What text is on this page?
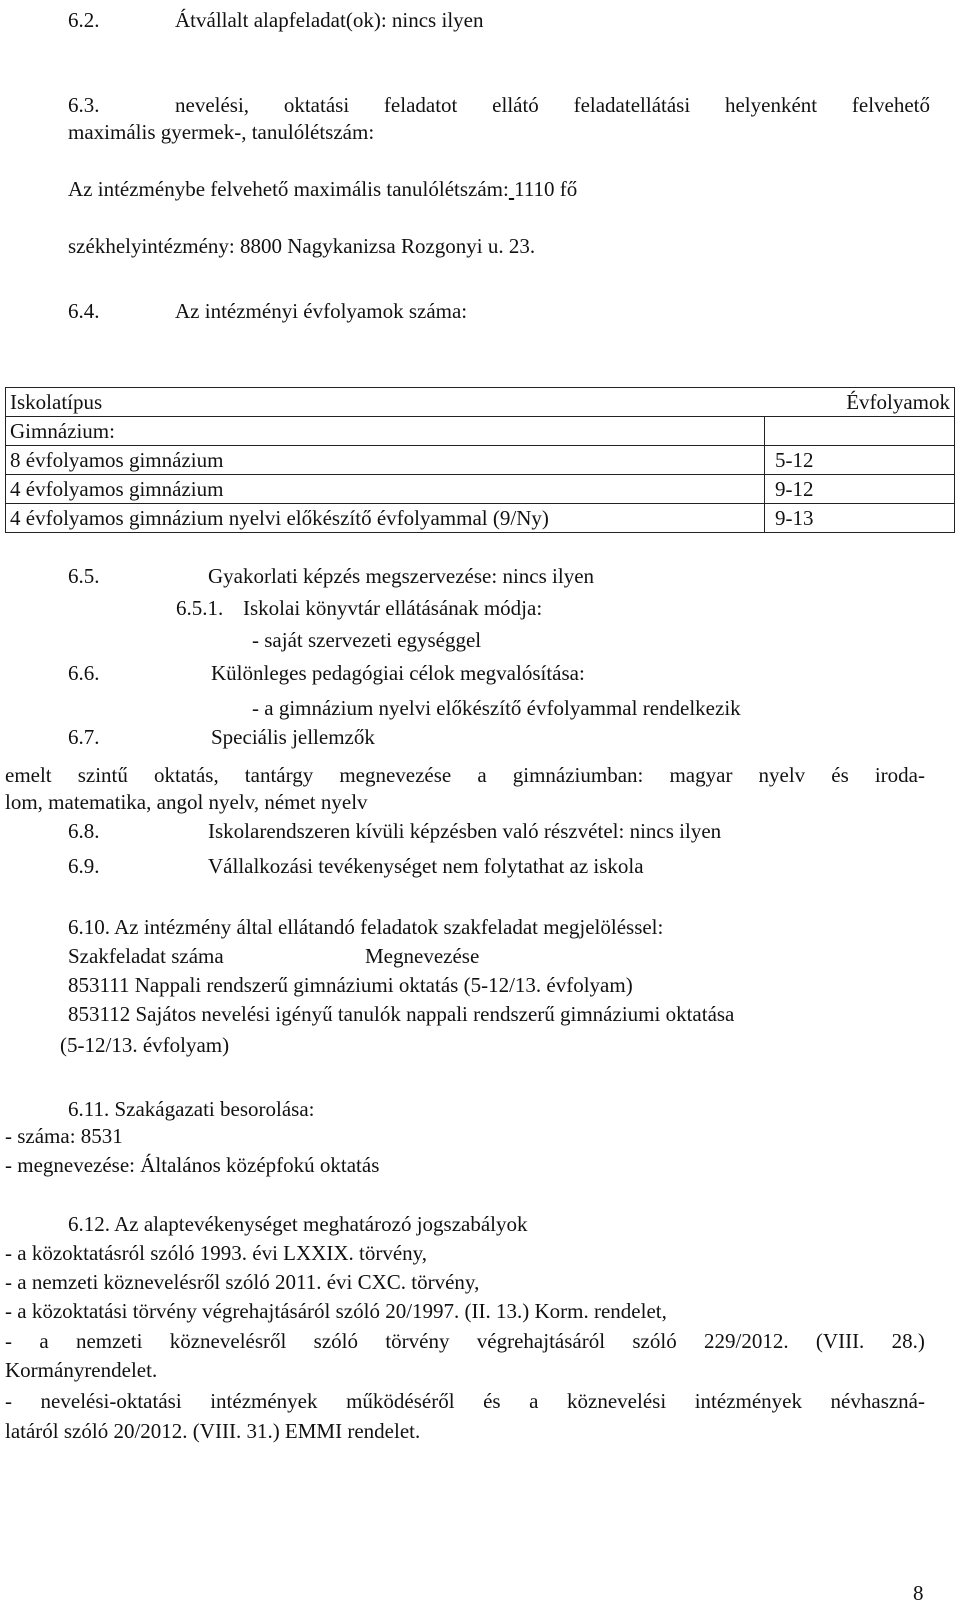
6.2.	Átvállalt alapfeladat(ok): nincs ilyen
6.3.	nevelési, oktatási feladatot ellátó feladatellátási helyenként felvehető
maximális gyermek-, tanulólétszám:
Az intézménybe felvehető maximális tanulólétszám: 1110 fő
székhelyintézmény: 8800 Nagykanizsa Rozgonyi u. 23.
6.4.	Az intézményi évfolyamok száma:
Iskolatípus	Évfolyamok
Gimnázium:	
8 évfolyamos gimnázium	5-12
4 évfolyamos gimnázium	9-12
4 évfolyamos gimnázium nyelvi előkészítő évfolyammal (9/Ny)	9-13
6.5.	Gyakorlati képzés megszervezése: nincs ilyen
6.5.1. Iskolai könyvtár ellátásának módja:
- saját szervezeti egységgel
6.6.	Különleges pedagógiai célok megvalósítása:
- a gimnázium nyelvi előkészítő évfolyammal rendelkezik
6.7.	Speciális jellemzők
emelt szintű oktatás, tantárgy megnevezése a gimnáziumban: magyar nyelv és iroda-
lom, matematika, angol nyelv, német nyelv
6.8.	Iskolarendszeren kívüli képzésben való részvétel: nincs ilyen
6.9.	Vállalkozási tevékenységet nem folytathat az iskola
6.10. Az intézmény által ellátandó feladatok szakfeladat megjelöléssel:
Szakfeladat száma	Megnevezése
853111 Nappali rendszerű gimnáziumi oktatás (5-12/13. évfolyam)
853112 Sajátos nevelési igényű tanulók nappali rendszerű gimnáziumi oktatása
(5-12/13. évfolyam)
6.11. Szakágazati besorolása:
- száma: 8531
- megnevezése: Általános középfokú oktatás
6.12. Az alaptevékenységet meghatározó jogszabályok
- a közoktatásról szóló 1993. évi LXXIX. törvény,
- a nemzeti köznevelésről szóló 2011. évi CXC. törvény,
- a közoktatási törvény végrehajtásáról szóló 20/1997. (II. 13.) Korm. rendelet,
- a nemzeti köznevelésről szóló törvény végrehajtásáról szóló 229/2012. (VIII. 28.)
Kormányrendelet.
- nevelési-oktatási intézmények működéséről és a köznevelési intézmények névhaszná-
latáról szóló 20/2012. (VIII. 31.) EMMI rendelet.
8
